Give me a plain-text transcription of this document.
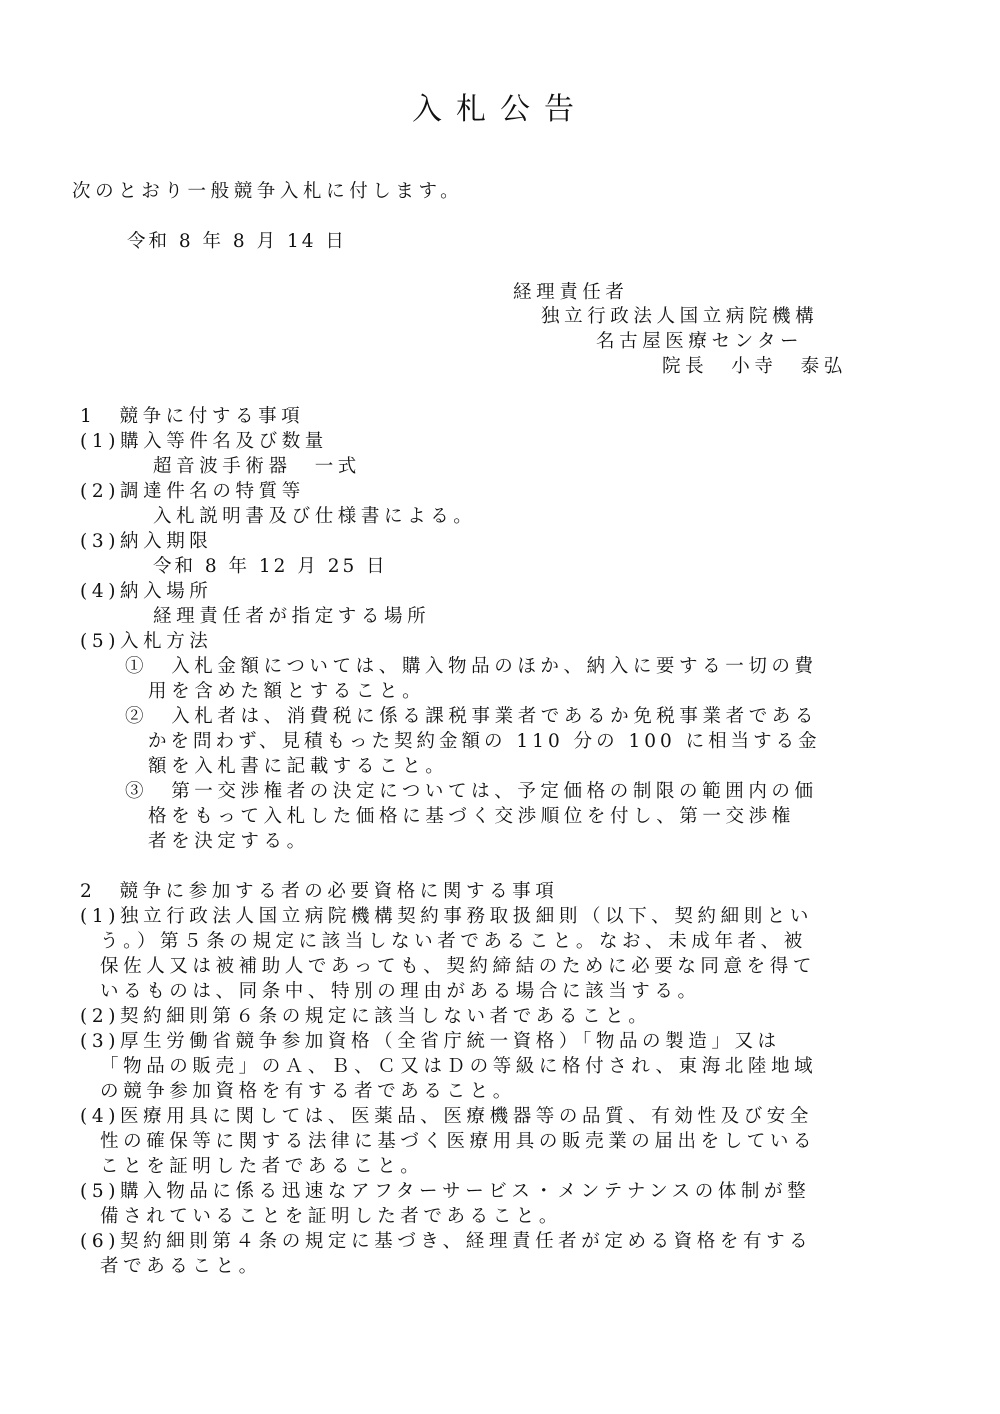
入札公告
次のとおり一般競争入札に付します。
令和 8 年 8 月 14 日
経理責任者
独立行政法人国立病院機構
名古屋医療センター
院長　小寺　泰弘
1　競争に付する事項
(1)購入等件名及び数量
超音波手術器　一式
(2)調達件名の特質等
入札説明書及び仕様書による。
(3)納入期限
令和 8 年 12 月 25 日
(4)納入場所
経理責任者が指定する場所
(5)入札方法
①　入札金額については、購入物品のほか、納入に要する一切の費
用を含めた額とすること。
②　入札者は、消費税に係る課税事業者であるか免税事業者である
かを問わず、見積もった契約金額の 110 分の 100 に相当する金
額を入札書に記載すること。
③　第一交渉権者の決定については、予定価格の制限の範囲内の価
格をもって入札した価格に基づく交渉順位を付し、第一交渉権
者を決定する。
2　競争に参加する者の必要資格に関する事項
(1)独立行政法人国立病院機構契約事務取扱細則（以下、契約細則とい
う。）第５条の規定に該当しない者であること。なお、未成年者、被
保佐人又は被補助人であっても、契約締結のために必要な同意を得て
いるものは、同条中、特別の理由がある場合に該当する。
(2)契約細則第６条の規定に該当しない者であること。
(3)厚生労働省競争参加資格（全省庁統一資格）「物品の製造」又は
「物品の販売」のＡ、Ｂ、Ｃ又はＤの等級に格付され、東海北陸地域
の競争参加資格を有する者であること。
(4)医療用具に関しては、医薬品、医療機器等の品質、有効性及び安全
性の確保等に関する法律に基づく医療用具の販売業の届出をしている
ことを証明した者であること。
(5)購入物品に係る迅速なアフターサービス・メンテナンスの体制が整
備されていることを証明した者であること。
(6)契約細則第４条の規定に基づき、経理責任者が定める資格を有する
者であること。
